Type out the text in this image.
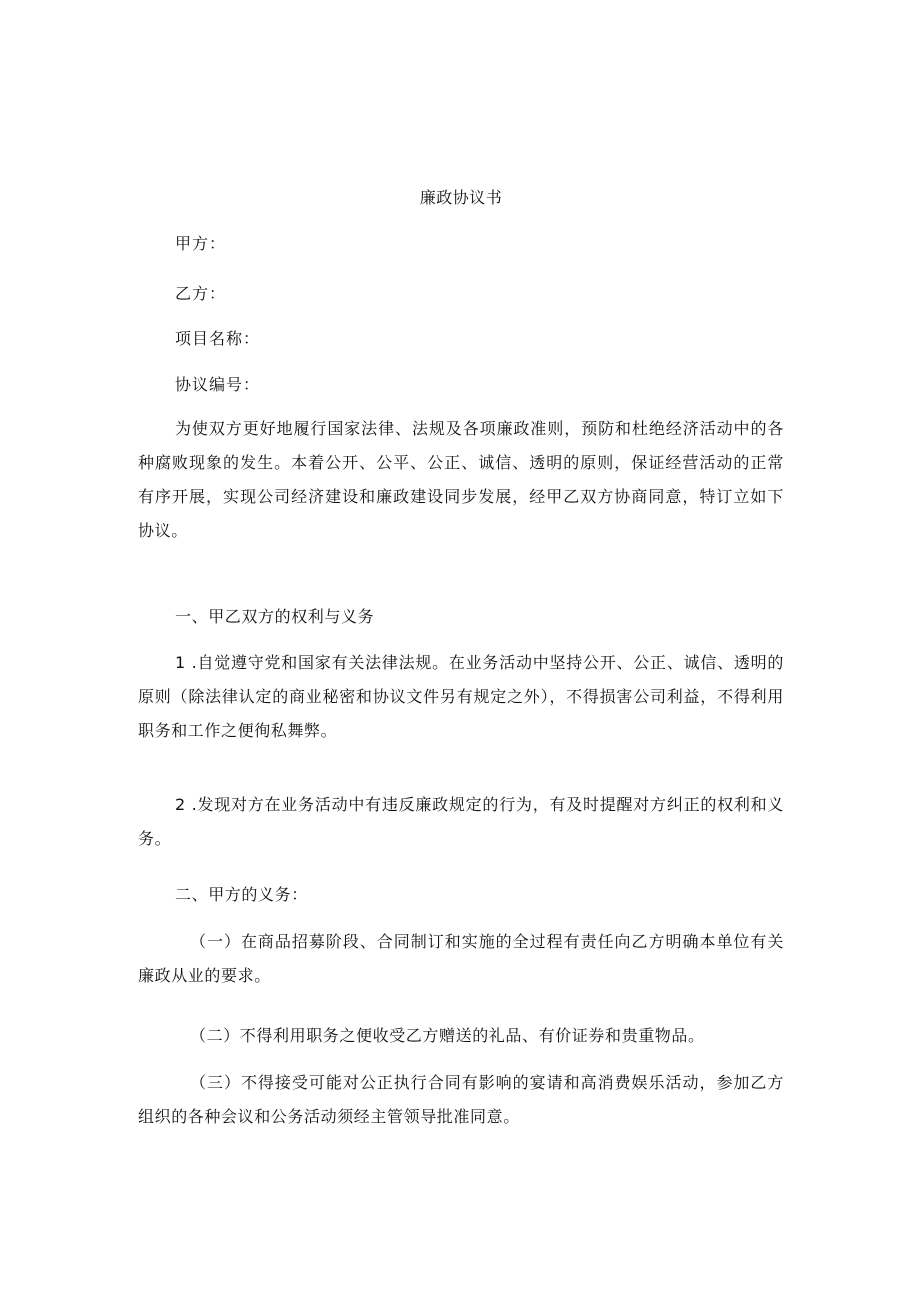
廉政协议书
甲方：
乙方：
项目名称：
协议编号：

为使双方更好地履行国家法律、法规及各项廉政准则，预防和杜绝经济活动中的各种腐败现象的发生。本着公开、公平、公正、诚信、透明的原则，保证经营活动的正常有序开展，实现公司经济建设和廉政建设同步发展，经甲乙双方协商同意，特订立如下协议。

一、甲乙双方的权利与义务

1 .自觉遵守党和国家有关法律法规。在业务活动中坚持公开、公正、诚信、透明的原则（除法律认定的商业秘密和协议文件另有规定之外），不得损害公司利益，不得利用职务和工作之便徇私舞弊。

2 .发现对方在业务活动中有违反廉政规定的行为，有及时提醒对方纠正的权利和义务。

二、甲方的义务：

（一）在商品招募阶段、合同制订和实施的全过程有责任向乙方明确本单位有关廉政从业的要求。

（二）不得利用职务之便收受乙方赠送的礼品、有价证券和贵重物品。

（三）不得接受可能对公正执行合同有影响的宴请和高消费娱乐活动，参加乙方组织的各种会议和公务活动须经主管领导批准同意。
